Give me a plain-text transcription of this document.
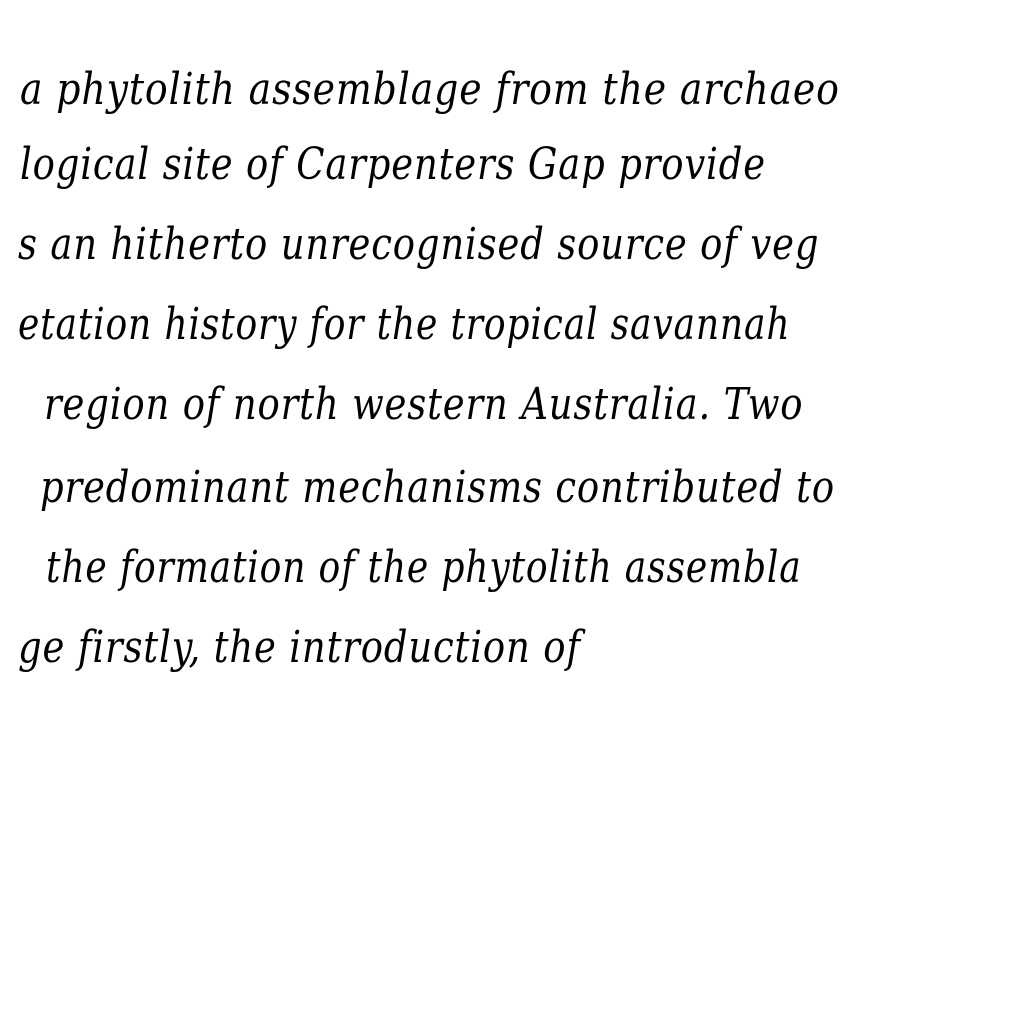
a phytolith assemblage from the archaeo
logical site of Carpenters Gap provide
s an hitherto unrecognised source of veg
etation history for the tropical savannah
region of north western Australia. Two
predominant mechanisms contributed to
the formation of the phytolith assembla
ge firstly, the introduction of
